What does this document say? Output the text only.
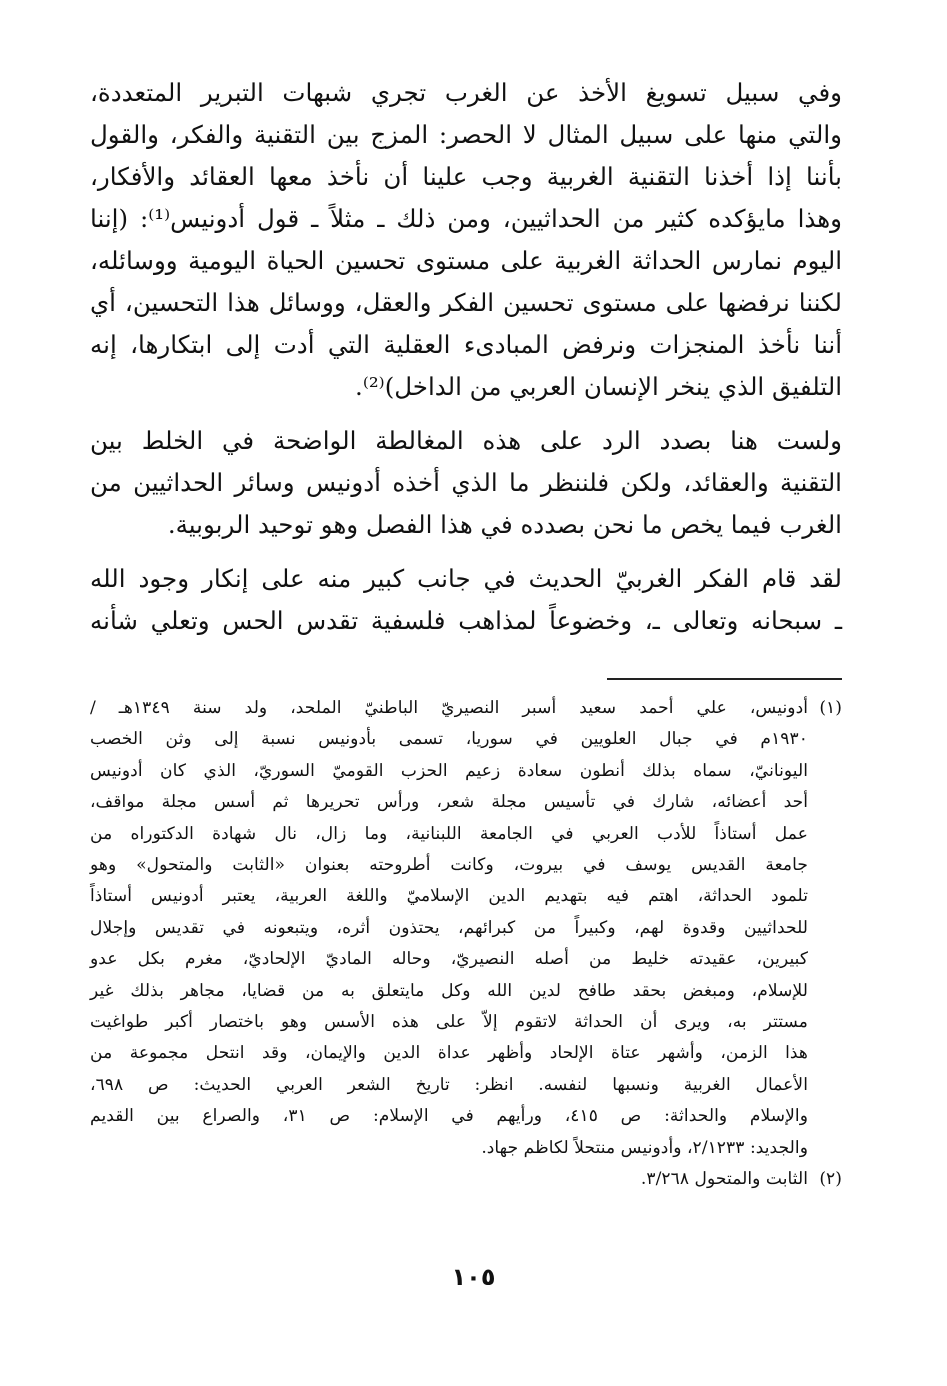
وفي سبيل تسويغ الأخذ عن الغرب تجري شبهات التبرير المتعددة،
والتي منها على سبيل المثال لا الحصر: المزج بين التقنية والفكر، والقول
بأننا إذا أخذنا التقنية الغربية وجب علينا أن نأخذ معها العقائد والأفكار،
وهذا مايؤكده كثير من الحداثيين، ومن ذلك ـ مثلاً ـ قول أدونيس⁽¹⁾: (إننا
اليوم نمارس الحداثة الغربية على مستوى تحسين الحياة اليومية ووسائله،
لكننا نرفضها على مستوى تحسين الفكر والعقل، ووسائل هذا التحسين، أي
أننا نأخذ المنجزات ونرفض المبادىء العقلية التي أدت إلى ابتكارها، إنه
التلفيق الذي ينخر الإنسان العربي من الداخل)⁽²⁾.

ولست هنا بصدد الرد على هذه المغالطة الواضحة في الخلط بين
التقنية والعقائد، ولكن فلننظر ما الذي أخذه أدونيس وسائر الحداثيين من
الغرب فيما يخص ما نحن بصدده في هذا الفصل وهو توحيد الربوبية.

لقد قام الفكر الغربيّ الحديث في جانب كبير منه على إنكار وجود الله
ـ سبحانه وتعالى ـ، وخضوعاً لمذاهب فلسفية تقدس الحس وتعلي شأنه

(١)
أدونيس، علي أحمد سعيد أسبر النصيريّ الباطنيّ الملحد، ولد سنة ١٣٤٩هـ /
١٩٣٠م في جبال العلويين في سوريا، تسمى بأدونيس نسبة إلى وثن الخصب
اليونانيّ، سماه بذلك أنطون سعادة زعيم الحزب القوميّ السوريّ، الذي كان أدونيس
أحد أعضائه، شارك في تأسيس مجلة شعر، ورأس تحريرها ثم أسس مجلة مواقف،
عمل أستاذاً للأدب العربي في الجامعة اللبنانية، وما زال، نال شهادة الدكتوراه من
جامعة القديس يوسف في بيروت، وكانت أطروحته بعنوان «الثابت والمتحول» وهو
تلمود الحداثة، اهتم فيه بتهديم الدين الإسلاميّ واللغة العربية، يعتبر أدونيس أستاذاً
للحداثيين وقدوة لهم، وكبيراً من كبرائهم، يحتذون أثره، ويتبعونه في تقديس وإجلال
كبيرين، عقيدته خليط من أصله النصيريّ، وحاله الماديّ الإلحاديّ، مغرم بكل عدو
للإسلام، ومبغض بحقد طافح لدين الله وكل مايتعلق به من قضايا، مجاهر بذلك غير
مستتر به، ويرى أن الحداثة لاتقوم إلاّ على هذه الأسس وهو باختصار أكبر طواغيت
هذا الزمن، وأشهر عتاة الإلحاد وأظهر عداة الدين والإيمان، وقد انتحل مجموعة من
الأعمال الغربية ونسبها لنفسه. انظر: تاريخ الشعر العربي الحديث: ص ٦٩٨،
والإسلام والحداثة: ص ٤١٥، ورأيهم في الإسلام: ص ٣١، والصراع بين القديم
والجديد: ٢/١٢٣٣، وأدونيس منتحلاً لكاظم جهاد.
(٢)
الثابت والمتحول ٣/٢٦٨.
١٠٥
